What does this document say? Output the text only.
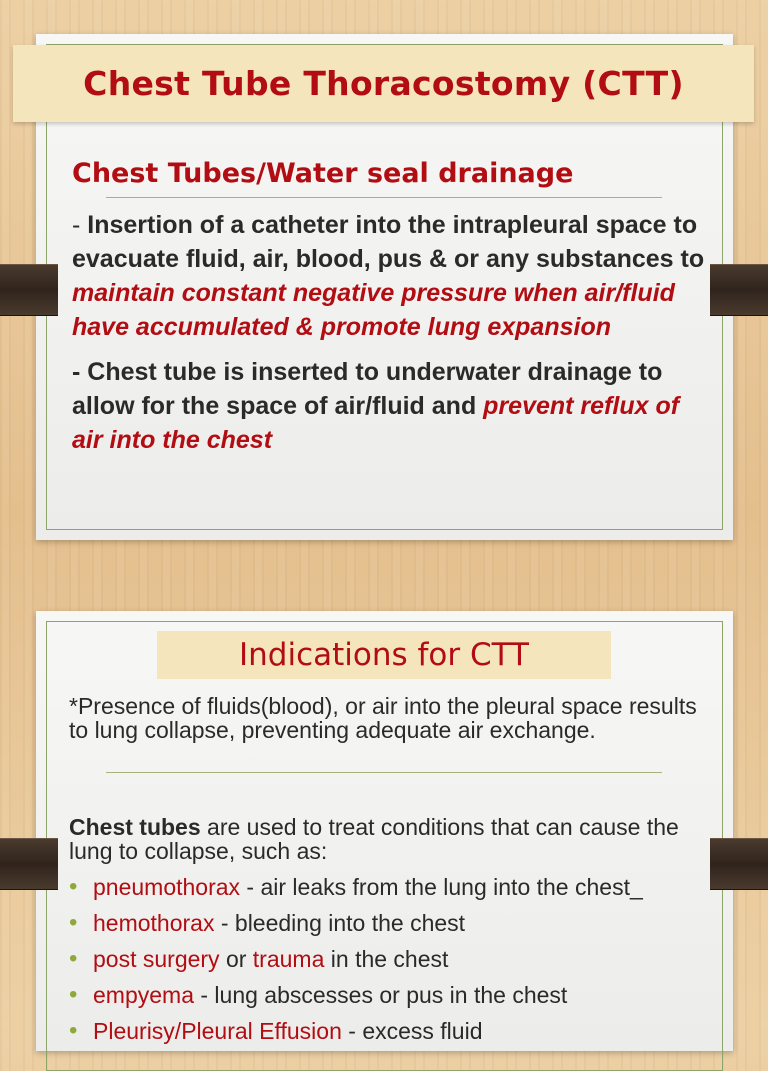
Chest Tube Thoracostomy (CTT)
Chest Tubes/Water seal drainage

- Insertion of a catheter into the intrapleural space to evacuate fluid, air, blood, pus & or any substances to maintain constant negative pressure when air/fluid have accumulated & promote lung expansion

- Chest tube is inserted to underwater drainage to allow for the space of air/fluid and prevent reflux of air into the chest

Indications for CTT
*Presence of fluids(blood), or air into the pleural space results to lung collapse, preventing adequate air exchange.
Chest tubes are used to treat conditions that can cause the lung to collapse, such as:
• pneumothorax - air leaks from the lung into the chest_
• hemothorax - bleeding into the chest
• post surgery or trauma in the chest
• empyema - lung abscesses or pus in the chest
• Pleurisy/Pleural Effusion - excess fluid
